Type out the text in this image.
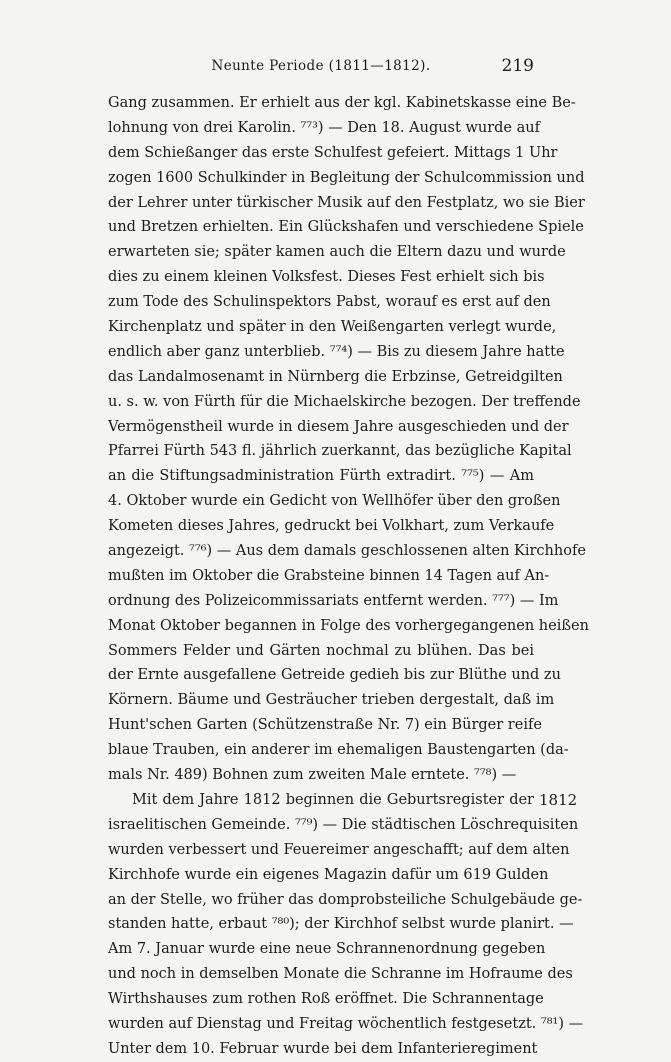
Neunte Periode (1811—1812).	219
Gang zusammen. Er erhielt aus der kgl. Kabinetskasse eine Be-
lohnung von drei Karolin. ⁷⁷³) — Den 18. August wurde auf
dem Schießanger das erste Schulfest gefeiert. Mittags 1 Uhr
zogen 1600 Schulkinder in Begleitung der Schulcommission und
der Lehrer unter türkischer Musik auf den Festplatz, wo sie Bier
und Bretzen erhielten. Ein Glückshafen und verschiedene Spiele
erwarteten sie; später kamen auch die Eltern dazu und wurde
dies zu einem kleinen Volksfest. Dieses Fest erhielt sich bis
zum Tode des Schulinspektors Pabst, worauf es erst auf den
Kirchenplatz und später in den Weißengarten verlegt wurde,
endlich aber ganz unterblieb. ⁷⁷⁴) — Bis zu diesem Jahre hatte
das Landalmosenamt in Nürnberg die Erbzinse, Getreidgilten
u. s. w. von Fürth für die Michaelskirche bezogen. Der treffende
Vermögenstheil wurde in diesem Jahre ausgeschieden und der
Pfarrei Fürth 543 fl. jährlich zuerkannt, das bezügliche Kapital
an die Stiftungsadministration Fürth extradirt. ⁷⁷⁵) — Am
4. Oktober wurde ein Gedicht von Wellhöfer über den großen
Kometen dieses Jahres, gedruckt bei Volkhart, zum Verkaufe
angezeigt. ⁷⁷⁶) — Aus dem damals geschlossenen alten Kirchhofe
mußten im Oktober die Grabsteine binnen 14 Tagen auf An-
ordnung des Polizeicommissariats entfernt werden. ⁷⁷⁷) — Im
Monat Oktober begannen in Folge des vorhergegangenen heißen
Sommers Felder und Gärten nochmal zu blühen. Das bei
der Ernte ausgefallene Getreide gedieh bis zur Blüthe und zu
Körnern. Bäume und Gesträucher trieben dergestalt, daß im
Hunt'schen Garten (Schützenstraße Nr. 7) ein Bürger reife
blaue Trauben, ein anderer im ehemaligen Baustengarten (da-
mals Nr. 489) Bohnen zum zweiten Male erntete. ⁷⁷⁸) —
Mit dem Jahre 1812 beginnen die Geburtsregister der
israelitischen Gemeinde. ⁷⁷⁹) — Die städtischen Löschrequisiten
wurden verbessert und Feuereimer angeschafft; auf dem alten
Kirchhofe wurde ein eigenes Magazin dafür um 619 Gulden
an der Stelle, wo früher das domprobsteiliche Schulgebäude ge-
standen hatte, erbaut ⁷⁸⁰); der Kirchhof selbst wurde planirt. —
Am 7. Januar wurde eine neue Schrannenordnung gegeben
und noch in demselben Monate die Schranne im Hofraume des
Wirthshauses zum rothen Roß eröffnet. Die Schrannentage
wurden auf Dienstag und Freitag wöchentlich festgesetzt. ⁷⁸¹) —
Unter dem 10. Februar wurde bei dem Infanterieregiment
1812
